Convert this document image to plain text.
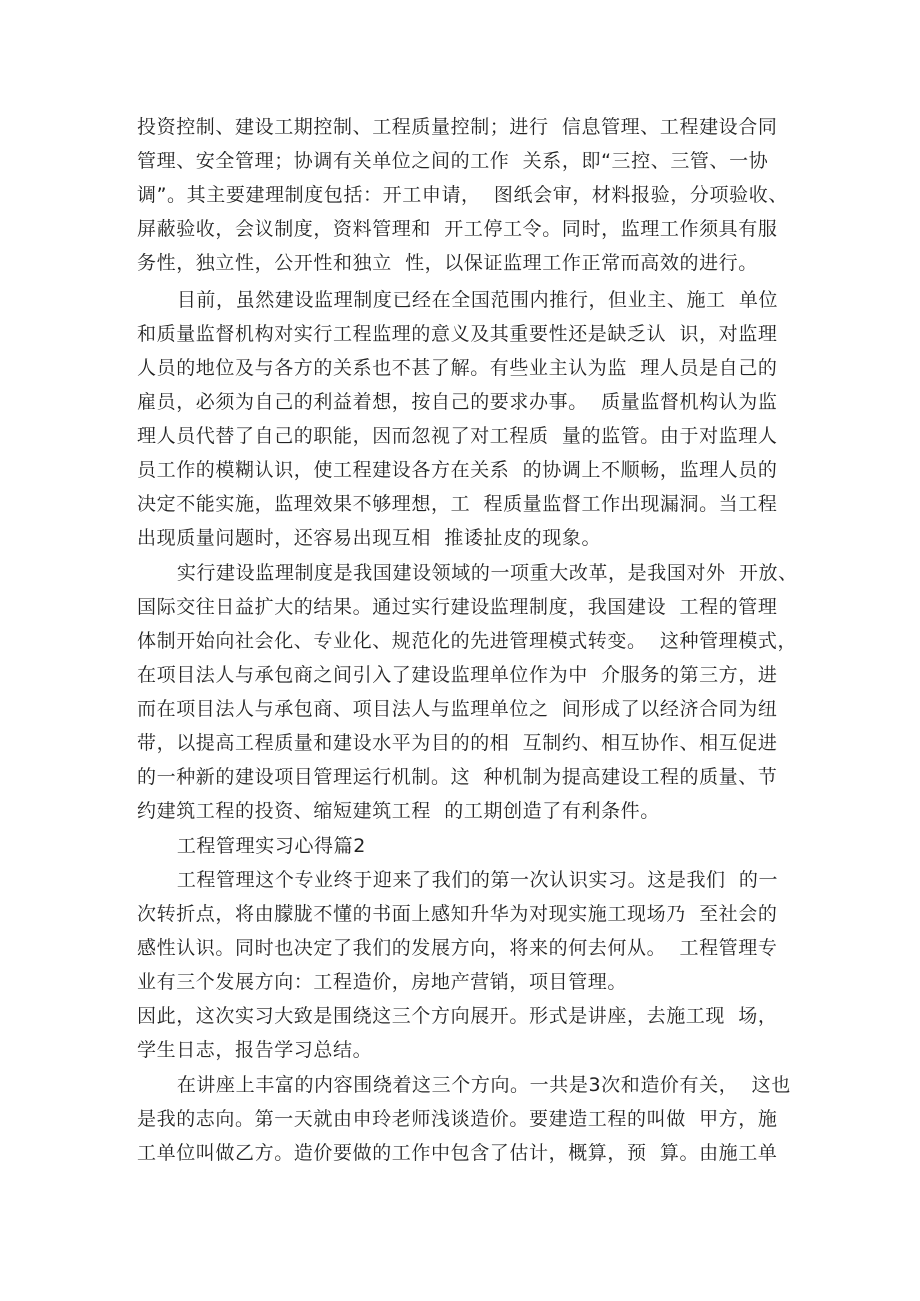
投资控制、建设工期控制、工程质量控制；进行  信息管理、工程建设合同
管理、安全管理；协调有关单位之间的工作  关系，即“三控、三管、一协
调”。其主要建理制度包括：开工申请，  图纸会审，材料报验，分项验收、
屏蔽验收，会议制度，资料管理和  开工停工令。同时，监理工作须具有服
务性，独立性，公开性和独立  性，以保证监理工作正常而高效的进行。
目前，虽然建设监理制度已经在全国范围内推行，但业主、施工  单位
和质量监督机构对实行工程监理的意义及其重要性还是缺乏认  识，对监理
人员的地位及与各方的关系也不甚了解。有些业主认为监  理人员是自己的
雇员，必须为自己的利益着想，按自己的要求办事。  质量监督机构认为监
理人员代替了自己的职能，因而忽视了对工程质  量的监管。由于对监理人
员工作的模糊认识，使工程建设各方在关系  的协调上不顺畅，监理人员的
决定不能实施，监理效果不够理想，工  程质量监督工作出现漏洞。当工程
出现质量问题时，还容易出现互相  推诿扯皮的现象。
实行建设监理制度是我国建设领域的一项重大改革，是我国对外  开放、
国际交往日益扩大的结果。通过实行建设监理制度，我国建设  工程的管理
体制开始向社会化、专业化、规范化的先进管理模式转变。  这种管理模式，
在项目法人与承包商之间引入了建设监理单位作为中  介服务的第三方，进
而在项目法人与承包商、项目法人与监理单位之  间形成了以经济合同为纽
带，以提高工程质量和建设水平为目的的相  互制约、相互协作、相互促进
的一种新的建设项目管理运行机制。这  种机制为提高建设工程的质量、节
约建筑工程的投资、缩短建筑工程  的工期创造了有利条件。
工程管理实习心得篇2
工程管理这个专业终于迎来了我们的第一次认识实习。这是我们  的一
次转折点，将由朦胧不懂的书面上感知升华为对现实施工现场乃  至社会的
感性认识。同时也决定了我们的发展方向，将来的何去何从。  工程管理专
业有三个发展方向：工程造价，房地产营销，项目管理。
因此，这次实习大致是围绕这三个方向展开。形式是讲座，去施工现  场，
学生日志，报告学习总结。
在讲座上丰富的内容围绕着这三个方向。一共是3次和造价有关，  这也
是我的志向。第一天就由申玲老师浅谈造价。要建造工程的叫做  甲方，施
工单位叫做乙方。造价要做的工作中包含了估计，概算，预  算。由施工单
